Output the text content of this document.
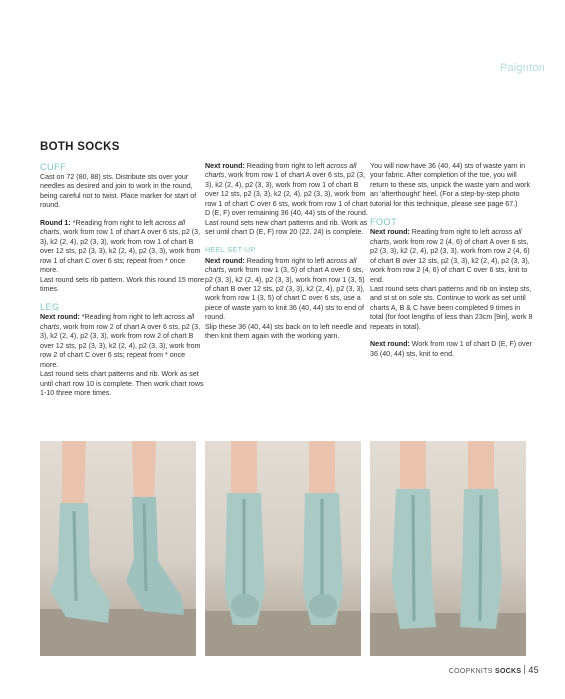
Paignton
BOTH SOCKS
CUFF

Cast on 72 (80, 88) sts. Distribute sts over your needles as desired and join to work in the round, being careful not to twist. Place marker for start of round.

Round 1: *Reading from right to left across all charts, work from row 1 of chart A over 6 sts, p2 (3, 3), k2 (2, 4), p2 (3, 3), work from row 1 of chart B over 12 sts, p2 (3, 3), k2 (2, 4), p2 (3, 3), work from row 1 of chart C over 6 sts; repeat from * once more.
Last round sets rib pattern. Work this round 15 more times.

LEG

Next round: *Reading from right to left across all charts, work from row 2 of chart A over 6 sts, p2 (3, 3), k2 (2, 4), p2 (3, 3), work from row 2 of chart B over 12 sts, p2 (3, 3), k2 (2, 4), p2 (3, 3), work from row 2 of chart C over 6 sts; repeat from * once more.
Last round sets chart patterns and rib. Work as set until chart row 10 is complete. Then work chart rows 1-10 three more times.

Next round: Reading from right to left across all charts, work from row 1 of chart A over 6 sts, p2 (3, 3), k2 (2, 4), p2 (3, 3), work from row 1 of chart B over 12 sts, p2 (3, 3), k2 (2, 4), p2 (3, 3), work from row 1 of chart C over 6 sts, work from row 1 of chart D (E, F) over remaining 36 (40, 44) sts of the round.
Last round sets new chart patterns and rib. Work as set until chart D (E, F) row 20 (22, 24) is complete.

HEEL SET-UP

Next round: Reading from right to left across all charts, work from row 1 (3, 5) of chart A over 6 sts, p2 (3, 3), k2 (2, 4), p2 (3, 3), work from row 1 (3, 5) of chart B over 12 sts, p2 (3, 3), k2 (2, 4), p2 (3, 3), work from row 1 (3, 5) of chart C over 6 sts, use a piece of waste yarn to knit 36 (40, 44) sts to end of round.
Slip these 36 (40, 44) sts back on to left needle and then knit them again with the working yarn.

You will now have 36 (40, 44) sts of waste yarn in your fabric. After completion of the toe, you will return to these sts, unpick the waste yarn and work an ‘afterthought’ heel. (For a step-by-step photo tutorial for this technique, please see page 67.)

FOOT

Next round: Reading from right to left across all charts, work from row 2 (4, 6) of chart A over 6 sts, p2 (3, 3), k2 (2, 4), p2 (3, 3), work from row 2 (4, 6) of chart B over 12 sts, p2 (3, 3), k2 (2, 4), p2 (3, 3), work from row 2 (4, 6) of chart C over 6 sts, knit to end.
Last round sets chart patterns and rib on instep sts, and st st on sole sts. Continue to work as set until charts A, B & C have been completed 9 times in total (for foot lengths of less than 23cm [9in], work 8 repeats in total).

Next round: Work from row 1 of chart D (E, F) over 36 (40, 44) sts, knit to end.

COOPKNITS SOCKS 45
